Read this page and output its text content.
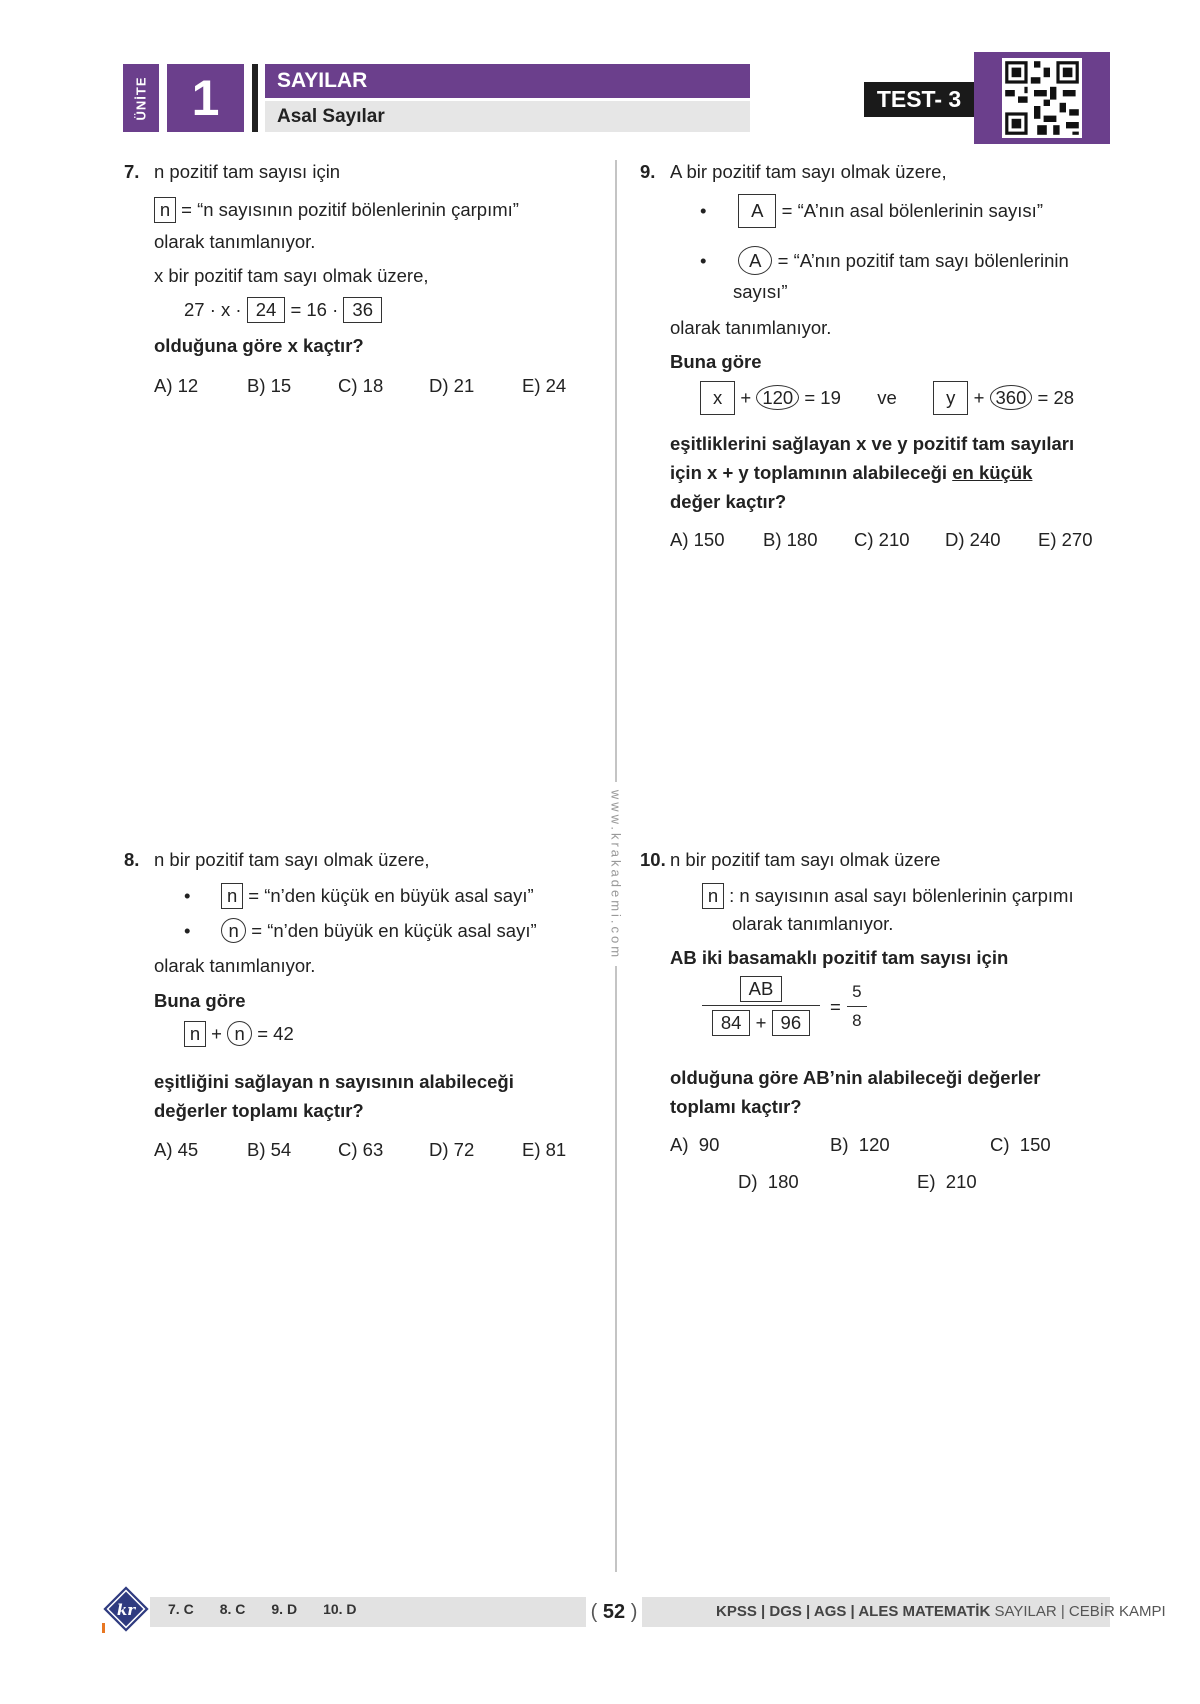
ÜNİTE 1	SAYILAR
Asal Sayılar
TEST- 3
www.krakademi.com
7. n pozitif tam sayısı için
n = “n sayısının pozitif bölenlerinin çarpımı”
olarak tanımlanıyor.
x bir pozitif tam sayı olmak üzere,
27 · x · 24 = 16 · 36
olduğuna göre x kaçtır?
A) 12	B) 15	C) 18	D) 21	E) 24
9. A bir pozitif tam sayı olmak üzere,
• A = “A’nın asal bölenlerinin sayısı”
• A = “A’nın pozitif tam sayı bölenlerinin
sayısı”
olarak tanımlanıyor.
Buna göre
x + 120 = 19 ve	y + 360 = 28
eşitliklerini sağlayan x ve y pozitif tam sayıları
için x + y toplamının alabileceği en küçük
değer kaçtır?
A) 150	B) 180	C) 210	D) 240	E) 270
8. n bir pozitif tam sayı olmak üzere,
• n = “n’den küçük en büyük asal sayı”
• n = “n’den büyük en küçük asal sayı”
olarak tanımlanıyor.
Buna göre
n + n = 42
eşitliğini sağlayan n sayısının alabileceği
değerler toplamı kaçtır?
A) 45	B) 54	C) 63	D) 72	E) 81
10. n bir pozitif tam sayı olmak üzere
n : n sayısının asal sayı bölenlerinin çarpımı
olarak tanımlanıyor.
AB iki basamaklı pozitif tam sayısı için
$\frac{AB}{84 + 96} = \frac{5}{8}$
olduğuna göre AB’nin alabileceği değerler
toplamı kaçtır?
A)  90	B)  120	C)  150
D)  180	E)  210
kr 7. C 8. C 9. D 10. D	( 52 )	KPSS | DGS | AGS | ALES MATEMATİK SAYILAR | CEBİR KAMPI
